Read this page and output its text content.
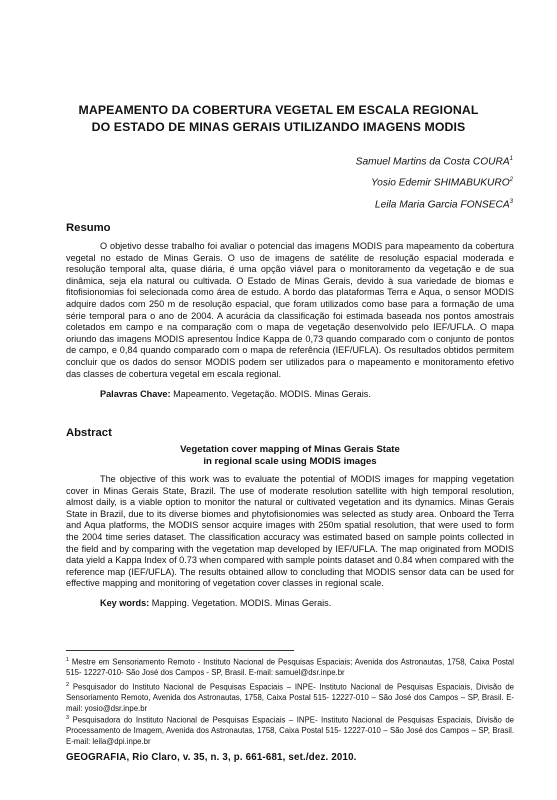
MAPEAMENTO DA COBERTURA VEGETAL EM ESCALA REGIONAL
DO ESTADO DE MINAS GERAIS UTILIZANDO IMAGENS MODIS
Samuel Martins da Costa COURA$^1$
Yosio Edemir SHIMABUKURO$^2$
Leila Maria Garcia FONSECA$^3$
Resumo

O objetivo desse trabalho foi avaliar o potencial das imagens MODIS para mapeamento da cobertura vegetal no estado de Minas Gerais. O uso de imagens de satélite de resolução espacial moderada e resolução temporal alta, quase diária, é uma opção viável para o monitoramento da vegetação e de sua dinâmica, seja ela natural ou cultivada. O Estado de Minas Gerais, devido à sua variedade de biomas e fitofisionomias foi selecionada como área de estudo. A bordo das plataformas Terra e Aqua, o sensor MODIS adquire dados com 250 m de resolução espacial, que foram utilizados como base para a formação de uma série temporal para o ano de 2004. A acurácia da classificação foi estimada baseada nos pontos amostrais coletados em campo e na comparação com o mapa de vegetação desenvolvido pelo IEF/UFLA. O mapa oriundo das imagens MODIS apresentou Índice Kappa de 0,73 quando comparado com o conjunto de pontos de campo, e 0,84 quando comparado com o mapa de referência (IEF/UFLA). Os resultados obtidos permitem concluir que os dados do sensor MODIS podem ser utilizados para o mapeamento e monitoramento efetivo das classes de cobertura vegetal em escala regional.

Palavras Chave: Mapeamento. Vegetação. MODIS. Minas Gerais.
Abstract
Vegetation cover mapping of Minas Gerais State
in regional scale using MODIS images

The objective of this work was to evaluate the potential of MODIS images for mapping vegetation cover in Minas Gerais State, Brazil. The use of moderate resolution satellite with high temporal resolution, almost daily, is a viable option to monitor the natural or cultivated vegetation and its dynamics. Minas Gerais State in Brazil, due to its diverse biomes and phytofisionomies was selected as study area. Onboard the Terra and Aqua platforms, the MODIS sensor acquire images with 250m spatial resolution, that were used to form the 2004 time series dataset. The classification accuracy was estimated based on sample points collected in the field and by comparing with the vegetation map developed by IEF/UFLA. The map originated from MODIS data yield a Kappa Index of 0.73 when compared with sample points dataset and 0.84 when compared with the reference map (IEF/UFLA). The results obtained allow to concluding that MODIS sensor data can be used for effective mapping and monitoring of vegetation cover classes in regional scale.

Key words: Mapping. Vegetation. MODIS. Minas Gerais.
$^1$ Mestre em Sensoriamento Remoto - Instituto Nacional de Pesquisas Espaciais; Avenida dos Astronautas, 1758, Caixa Postal 515- 12227-010- São José dos Campos - SP, Brasil. E-mail: samuel@dsr.inpe.br
$^2$ Pesquisador do Instituto Nacional de Pesquisas Espaciais – INPE- Instituto Nacional de Pesquisas Espaciais, Divisão de Sensoriamento Remoto, Avenida dos Astronautas, 1758, Caixa Postal 515- 12227-010 – São José dos Campos – SP, Brasil. E-mail: yosio@dsr.inpe.br
$^3$ Pesquisadora do Instituto Nacional de Pesquisas Espaciais – INPE- Instituto Nacional de Pesquisas Espaciais, Divisão de Processamento de Imagem, Avenida dos Astronautas, 1758, Caixa Postal 515- 12227-010 – São José dos Campos – SP, Brasil. E-mail: leila@dpi.inpe.br
GEOGRAFIA, Rio Claro, v. 35, n. 3, p. 661-681, set./dez. 2010.
